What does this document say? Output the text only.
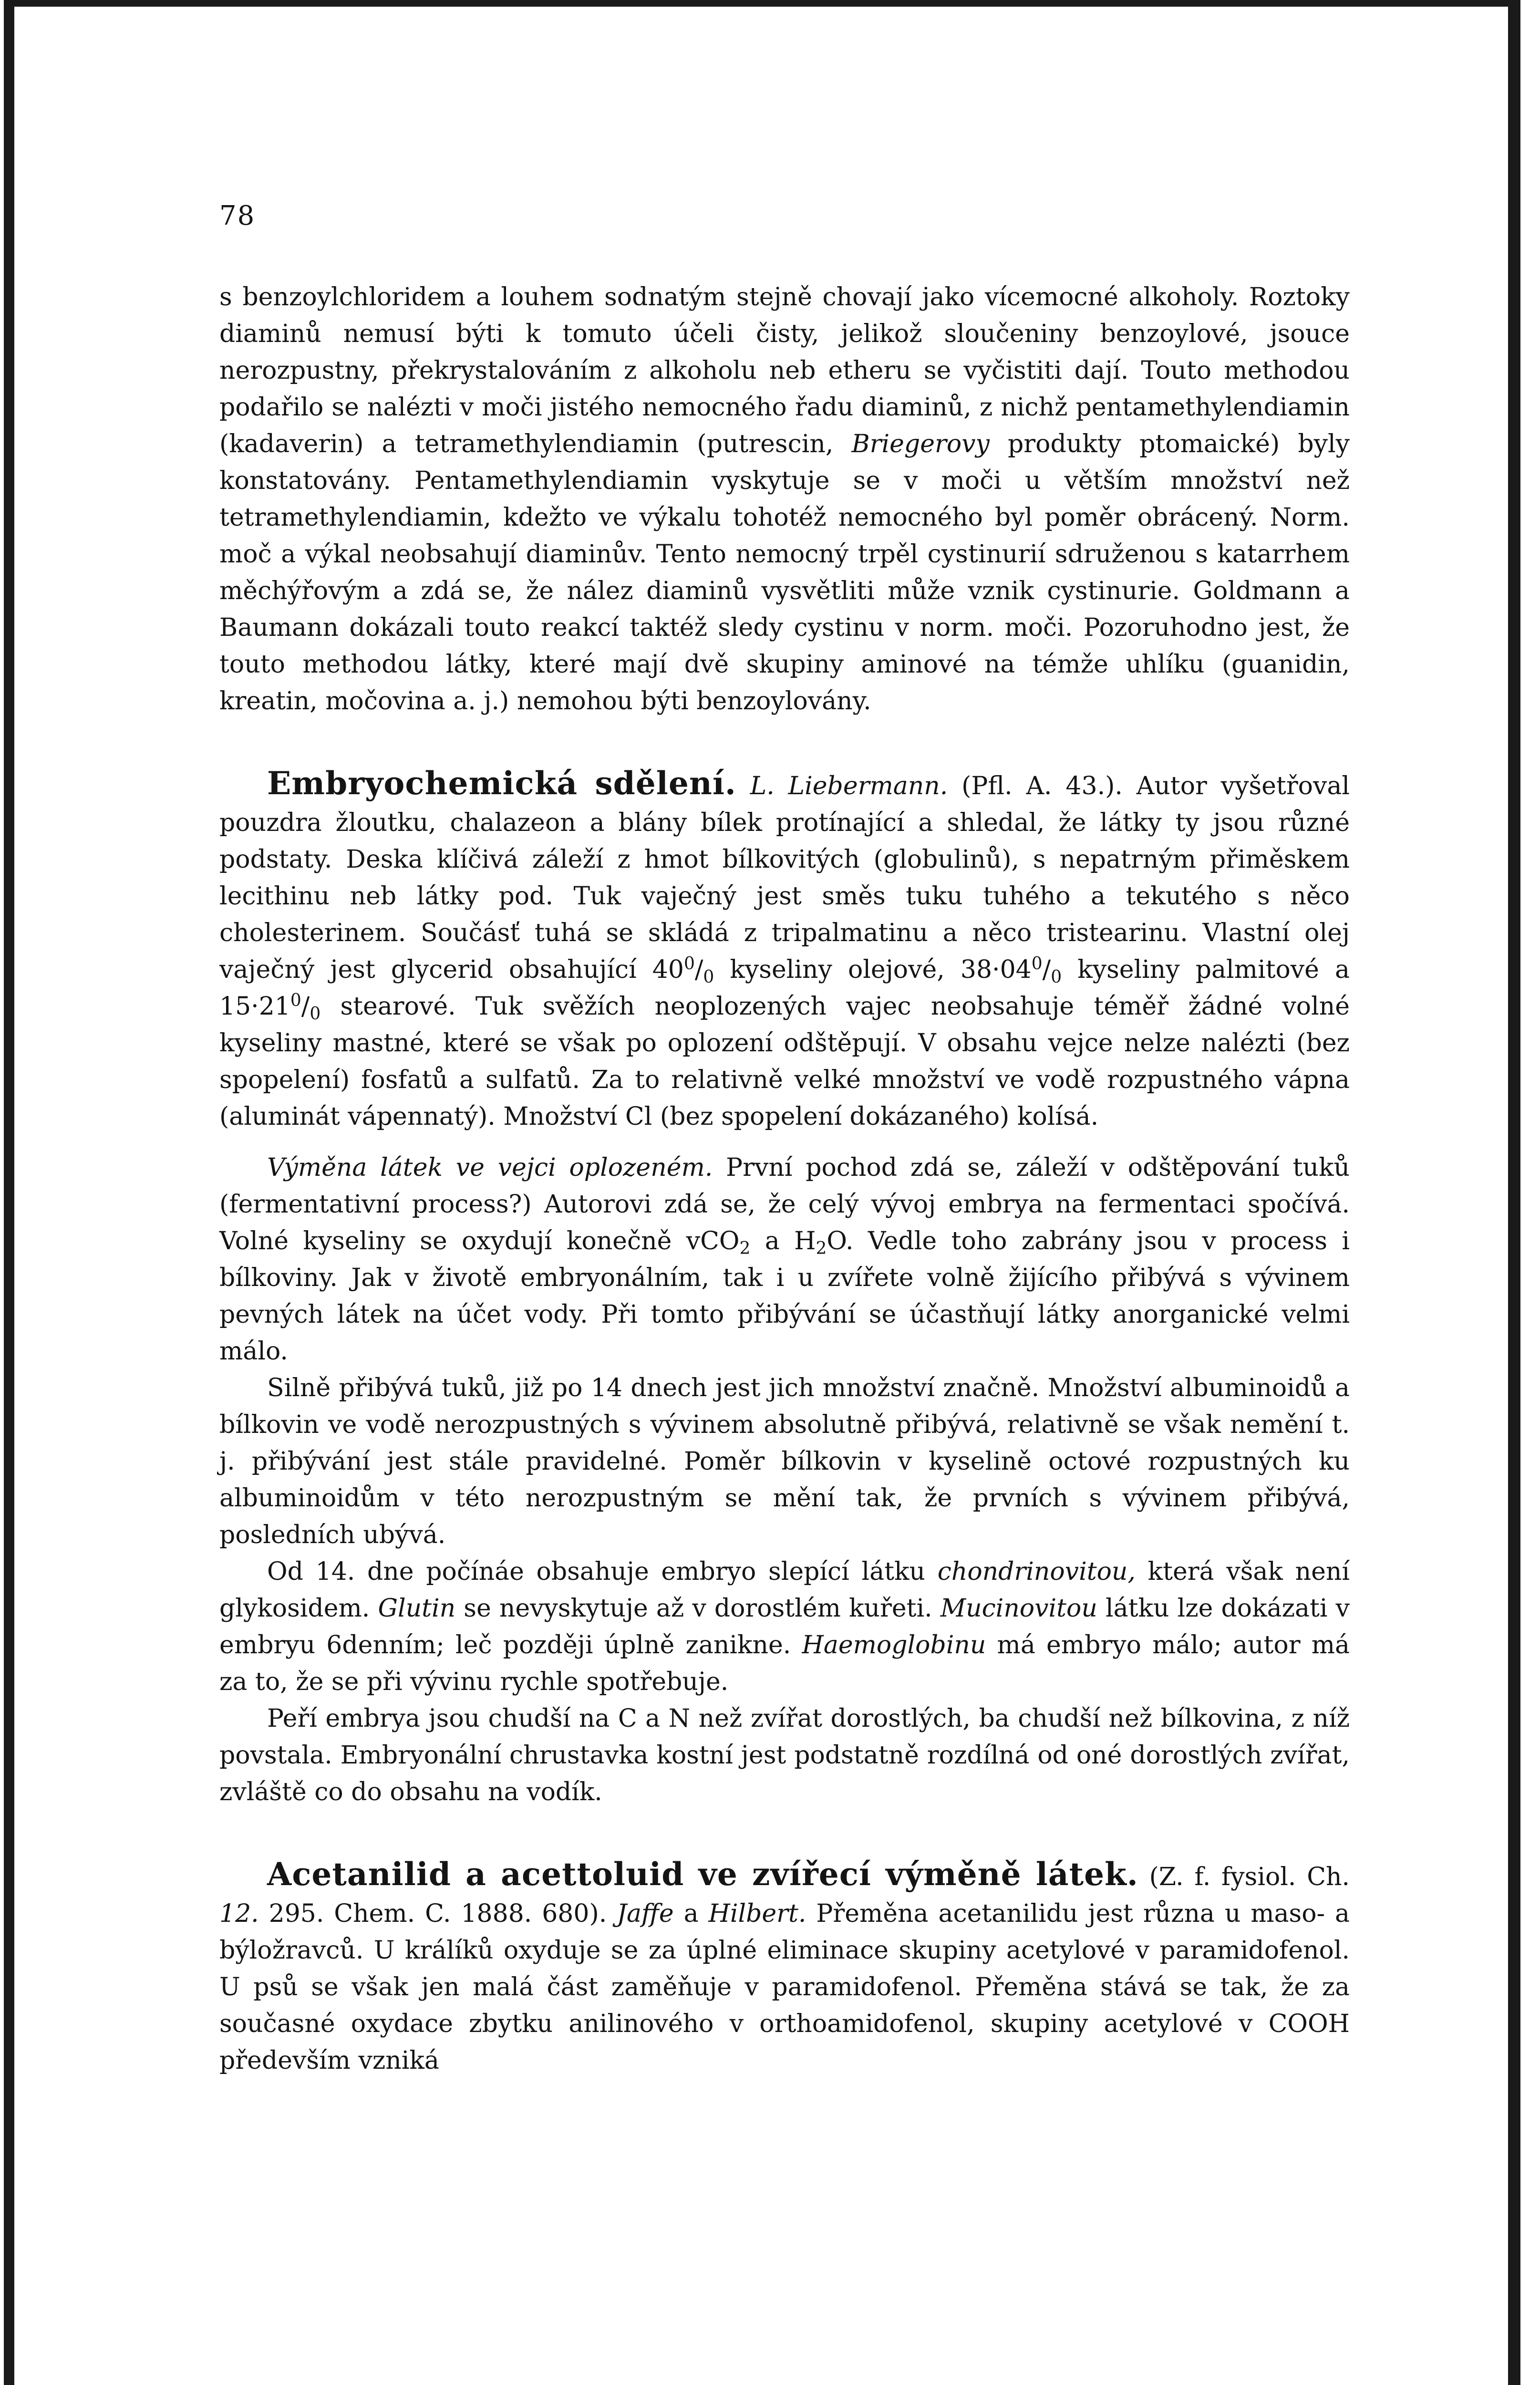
78

s benzoylchloridem a louhem sodnatým stejně chovají jako vícemocné alkoholy. Roztoky diaminů nemusí býti k tomuto účeli čisty, jelikož sloučeniny benzoylové, jsouce nerozpustny, překrystalováním z alkoholu neb etheru se vyčistiti dají. Touto methodou podařilo se nalézti v moči jistého nemocného řadu diaminů, z nichž pentamethylendiamin (kadaverin) a tetramethylendiamin (putrescin, Briegerovy produkty ptomaické) byly konstatovány. Pentamethylendiamin vyskytuje se v moči u větším množství než tetramethylendiamin, kdežto ve výkalu tohotéž nemocného byl poměr obrácený. Norm. moč a výkal neobsahují diaminův. Tento nemocný trpěl cystinurií sdruženou s katarrhem měchýřovým a zdá se, že nález diaminů vysvětliti může vznik cystinurie. Goldmann a Baumann dokázali touto reakcí taktéž sledy cystinu v norm. moči. Pozoruhodno jest, že touto methodou látky, které mají dvě skupiny aminové na témže uhlíku (guanidin, kreatin, močovina a. j.) nemohou býti benzoylovány.

Embryochemická sdělení. L. Liebermann. (Pfl. A. 43.). Autor vyšetřoval pouzdra žloutku, chalazeon a blány bílek protínající a shledal, že látky ty jsou různé podstaty. Deska klíčivá záleží z hmot bílkovitých (globulinů), s nepatrným přiměskem lecithinu neb látky pod. Tuk vaječný jest směs tuku tuhého a tekutého s něco cholesterinem. Součásť tuhá se skládá z tripalmatinu a něco tristearinu. Vlastní olej vaječný jest glycerid obsahující $40^0/_0$ kyseliny olejové, $38\cdot 04^0/_0$ kyseliny palmitové a $15\cdot 21^0/_0$ stearové. Tuk svěžích neoplozených vajec neobsahuje téměř žádné volné kyseliny mastné, které se však po oplození odštěpují. V obsahu vejce nelze nalézti (bez spopelení) fosfatů a sulfatů. Za to relativně velké množství ve vodě rozpustného vápna (aluminát vápennatý). Množství Cl (bez spopelení dokázaného) kolísá.

Výměna látek ve vejci oplozeném. První pochod zdá se, záleží v odštěpování tuků (fermentativní process?) Autorovi zdá se, že celý vývoj embrya na fermentaci spočívá. Volné kyseliny se oxydují konečně vCO$_2$ a $H_2O$. Vedle toho zabrány jsou v process i bílkoviny. Jak v životě embryonálním, tak i u zvířete volně žijícího přibývá s vývinem pevných látek na účet vody. Při tomto přibývání se účastňují látky anorganické velmi málo.

Silně přibývá tuků, již po 14 dnech jest jich množství značně. Množství albuminoidů a bílkovin ve vodě nerozpustných s vývinem absolutně přibývá, relativně se však nemění t. j. přibývání jest stále pravidelné. Poměr bílkovin v kyselině octové rozpustných ku albuminoidům v této nerozpustným se mění tak, že prvních s vývinem přibývá, posledních ubývá.

Od 14. dne počínáe obsahuje embryo slepící látku chondrinovitou, která však není glykosidem. Glutin se nevyskytuje až v dorostlém kuřeti. Mucinovitou látku lze dokázati v embryu 6denním; leč později úplně zanikne. Haemoglobinu má embryo málo; autor má za to, že se při vývinu rychle spotřebuje.

Peří embrya jsou chudší na C a N než zvířat dorostlých, ba chudší než bílkovina, z níž povstala. Embryonální chrustavka kostní jest podstatně rozdílná od oné dorostlých zvířat, zvláště co do obsahu na vodík.

Acetanilid a acettoluid ve zvířecí výměně látek. (Z. f. fysiol. Ch. 12. 295. Chem. C. 1888. 680). Jaffe a Hilbert. Přeměna acetanilidu jest různa u maso- a býložravců. U králíků oxyduje se za úplné eliminace skupiny acetylové v paramidofenol. U psů se však jen malá část zaměňuje v paramidofenol. Přeměna stává se tak, že za současné oxydace zbytku anilinového v orthoamidofenol, skupiny acetylové v COOH především vzniká
